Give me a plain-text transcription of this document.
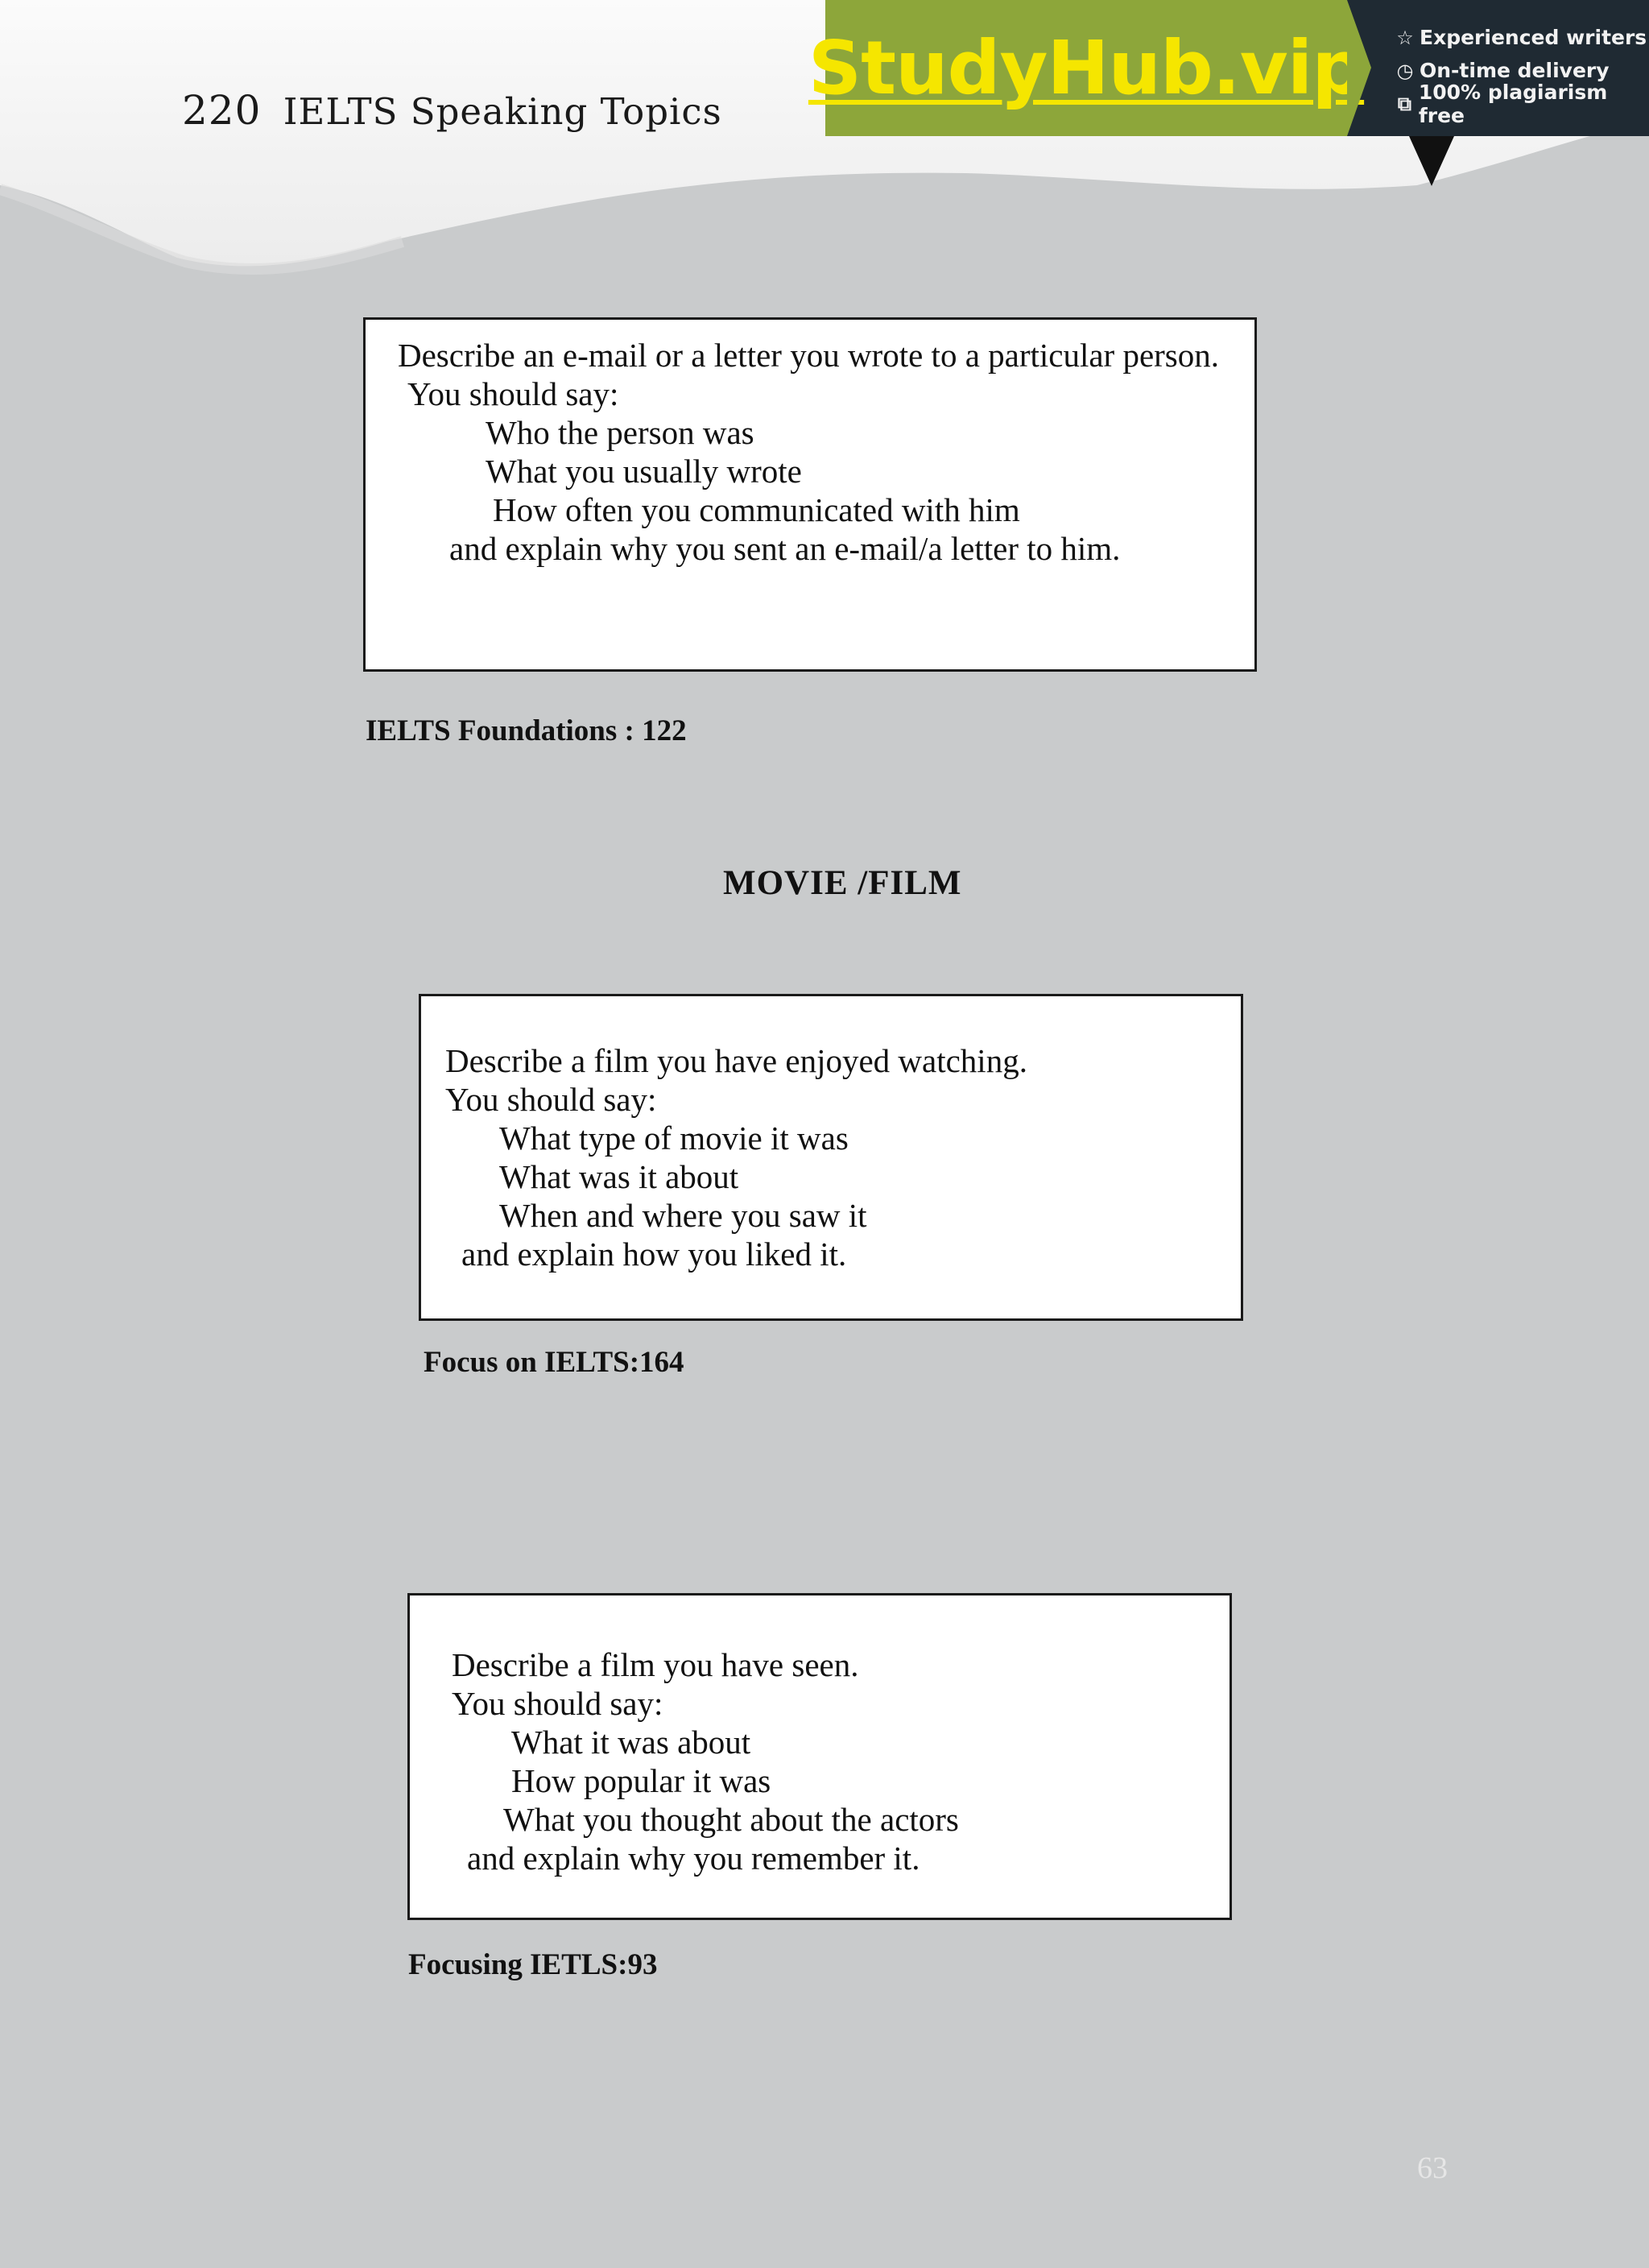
220 IELTS Speaking Topics
StudyHub.vip ☆ Experienced writers
◷ On-time delivery
⧉ 100% plagiarism free
Describe an e-mail or a letter you wrote to a particular person.
You should say:
Who the person was
What you usually wrote
How often you communicated with him
and explain why you sent an e-mail/a letter to him.
IELTS Foundations : 122
MOVIE /FILM
Describe a film you have enjoyed watching.
You should say:
What type of movie it was
What was it about
When and where you saw it
and explain how you liked it.
Focus on IELTS:164
Describe a film you have seen.
You should say:
What it was about
How popular it was
What you thought about the actors
and explain why you remember it.
Focusing IETLS:93
63
